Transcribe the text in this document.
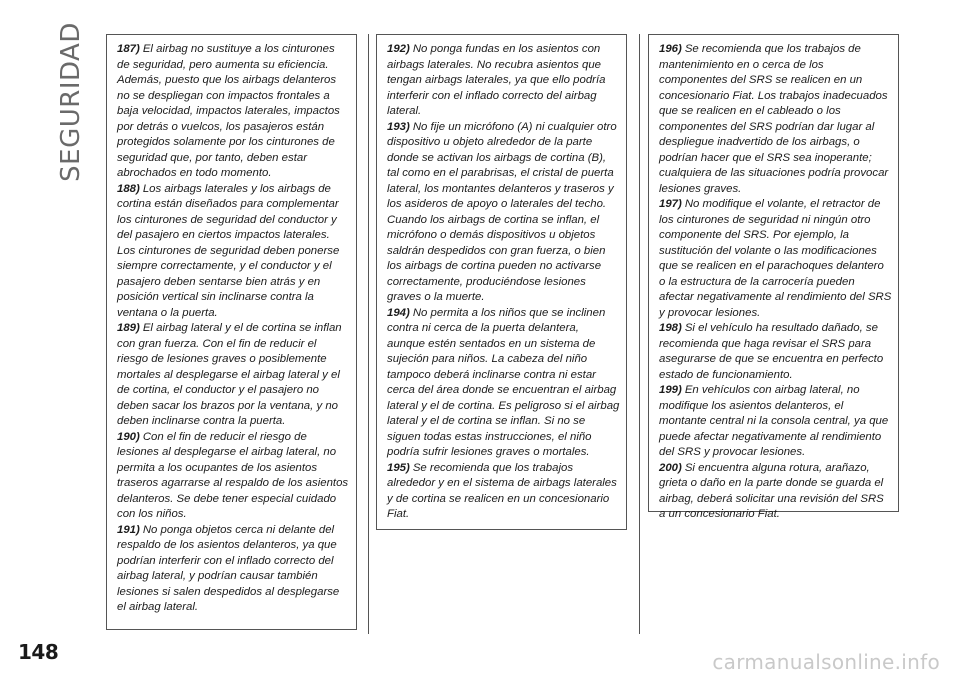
SEGURIDAD	187) El airbag no sustituye a los cinturones de seguridad, pero aumenta su eficiencia. Además, puesto que los airbags delanteros no se despliegan con impactos frontales a baja velocidad, impactos laterales, impactos por detrás o vuelcos, los pasajeros están protegidos solamente por los cinturones de seguridad que, por tanto, deben estar abrochados en todo momento.

188) Los airbags laterales y los airbags de cortina están diseñados para complementar los cinturones de seguridad del conductor y del pasajero en ciertos impactos laterales. Los cinturones de seguridad deben ponerse siempre correctamente, y el conductor y el pasajero deben sentarse bien atrás y en posición vertical sin inclinarse contra la ventana o la puerta.

189) El airbag lateral y el de cortina se inflan con gran fuerza. Con el fin de reducir el riesgo de lesiones graves o posiblemente mortales al desplegarse el airbag lateral y el de cortina, el conductor y el pasajero no deben sacar los brazos por la ventana, y no deben inclinarse contra la puerta.

190) Con el fin de reducir el riesgo de lesiones al desplegarse el airbag lateral, no permita a los ocupantes de los asientos traseros agarrarse al respaldo de los asientos delanteros. Se debe tener especial cuidado con los niños.

191) No ponga objetos cerca ni delante del respaldo de los asientos delanteros, ya que podrían interferir con el inflado correcto del airbag lateral, y podrían causar también lesiones si salen despedidos al desplegarse el airbag lateral.

192) No ponga fundas en los asientos con airbags laterales. No recubra asientos que tengan airbags laterales, ya que ello podría interferir con el inflado correcto del airbag lateral.

193) No fije un micrófono (A) ni cualquier otro dispositivo u objeto alrededor de la parte donde se activan los airbags de cortina (B), tal como en el parabrisas, el cristal de puerta lateral, los montantes delanteros y traseros y los asideros de apoyo o laterales del techo. Cuando los airbags de cortina se inflan, el micrófono o demás dispositivos u objetos saldrán despedidos con gran fuerza, o bien los airbags de cortina pueden no activarse correctamente, produciéndose lesiones graves o la muerte.

194) No permita a los niños que se inclinen contra ni cerca de la puerta delantera, aunque estén sentados en un sistema de sujeción para niños. La cabeza del niño tampoco deberá inclinarse contra ni estar cerca del área donde se encuentran el airbag lateral y el de cortina. Es peligroso si el airbag lateral y el de cortina se inflan. Si no se siguen todas estas instrucciones, el niño podría sufrir lesiones graves o mortales.

195) Se recomienda que los trabajos alrededor y en el sistema de airbags laterales y de cortina se realicen en un concesionario Fiat.

196) Se recomienda que los trabajos de mantenimiento en o cerca de los componentes del SRS se realicen en un concesionario Fiat. Los trabajos inadecuados que se realicen en el cableado o los componentes del SRS podrían dar lugar al despliegue inadvertido de los airbags, o podrían hacer que el SRS sea inoperante; cualquiera de las situaciones podría provocar lesiones graves.

197) No modifique el volante, el retractor de los cinturones de seguridad ni ningún otro componente del SRS. Por ejemplo, la sustitución del volante o las modificaciones que se realicen en el parachoques delantero o la estructura de la carrocería pueden afectar negativamente al rendimiento del SRS y provocar lesiones.

198) Si el vehículo ha resultado dañado, se recomienda que haga revisar el SRS para asegurarse de que se encuentra en perfecto estado de funcionamiento.

199) En vehículos con airbag lateral, no modifique los asientos delanteros, el montante central ni la consola central, ya que puede afectar negativamente al rendimiento del SRS y provocar lesiones.

200) Si encuentra alguna rotura, arañazo, grieta o daño en la parte donde se guarda el airbag, deberá solicitar una revisión del SRS a un concesionario Fiat.

148	carmanualsonline.info
